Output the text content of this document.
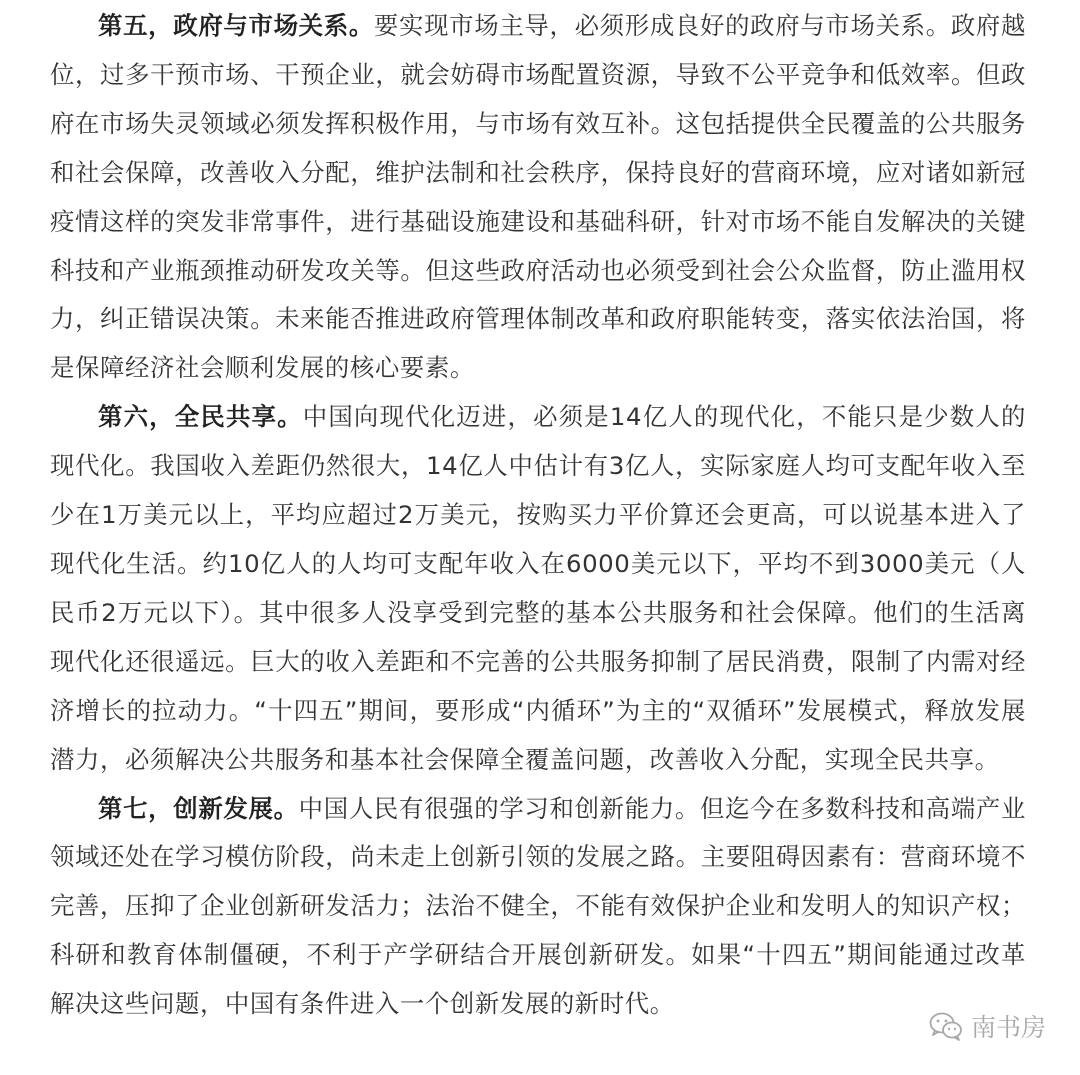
第五，政府与市场关系。要实现市场主导，必须形成良好的政府与市场关系。政府越位，过多干预市场、干预企业，就会妨碍市场配置资源，导致不公平竞争和低效率。但政府在市场失灵领域必须发挥积极作用，与市场有效互补。这包括提供全民覆盖的公共服务和社会保障，改善收入分配，维护法制和社会秩序，保持良好的营商环境，应对诸如新冠疫情这样的突发非常事件，进行基础设施建设和基础科研，针对市场不能自发解决的关键科技和产业瓶颈推动研发攻关等。但这些政府活动也必须受到社会公众监督，防止滥用权力，纠正错误决策。未来能否推进政府管理体制改革和政府职能转变，落实依法治国，将是保障经济社会顺利发展的核心要素。

第六，全民共享。中国向现代化迈进，必须是14亿人的现代化，不能只是少数人的现代化。我国收入差距仍然很大，14亿人中估计有3亿人，实际家庭人均可支配年收入至少在1万美元以上，平均应超过2万美元，按购买力平价算还会更高，可以说基本进入了现代化生活。约10亿人的人均可支配年收入在6000美元以下，平均不到3000美元（人民币2万元以下）。其中很多人没享受到完整的基本公共服务和社会保障。他们的生活离现代化还很遥远。巨大的收入差距和不完善的公共服务抑制了居民消费，限制了内需对经济增长的拉动力。“十四五”期间，要形成“内循环”为主的“双循环”发展模式，释放发展潜力，必须解决公共服务和基本社会保障全覆盖问题，改善收入分配，实现全民共享。

第七，创新发展。中国人民有很强的学习和创新能力。但迄今在多数科技和高端产业领域还处在学习模仿阶段，尚未走上创新引领的发展之路。主要阻碍因素有：营商环境不完善，压抑了企业创新研发活力；法治不健全，不能有效保护企业和发明人的知识产权；科研和教育体制僵硬，不利于产学研结合开展创新研发。如果“十四五”期间能通过改革解决这些问题，中国有条件进入一个创新发展的新时代。

南书房
